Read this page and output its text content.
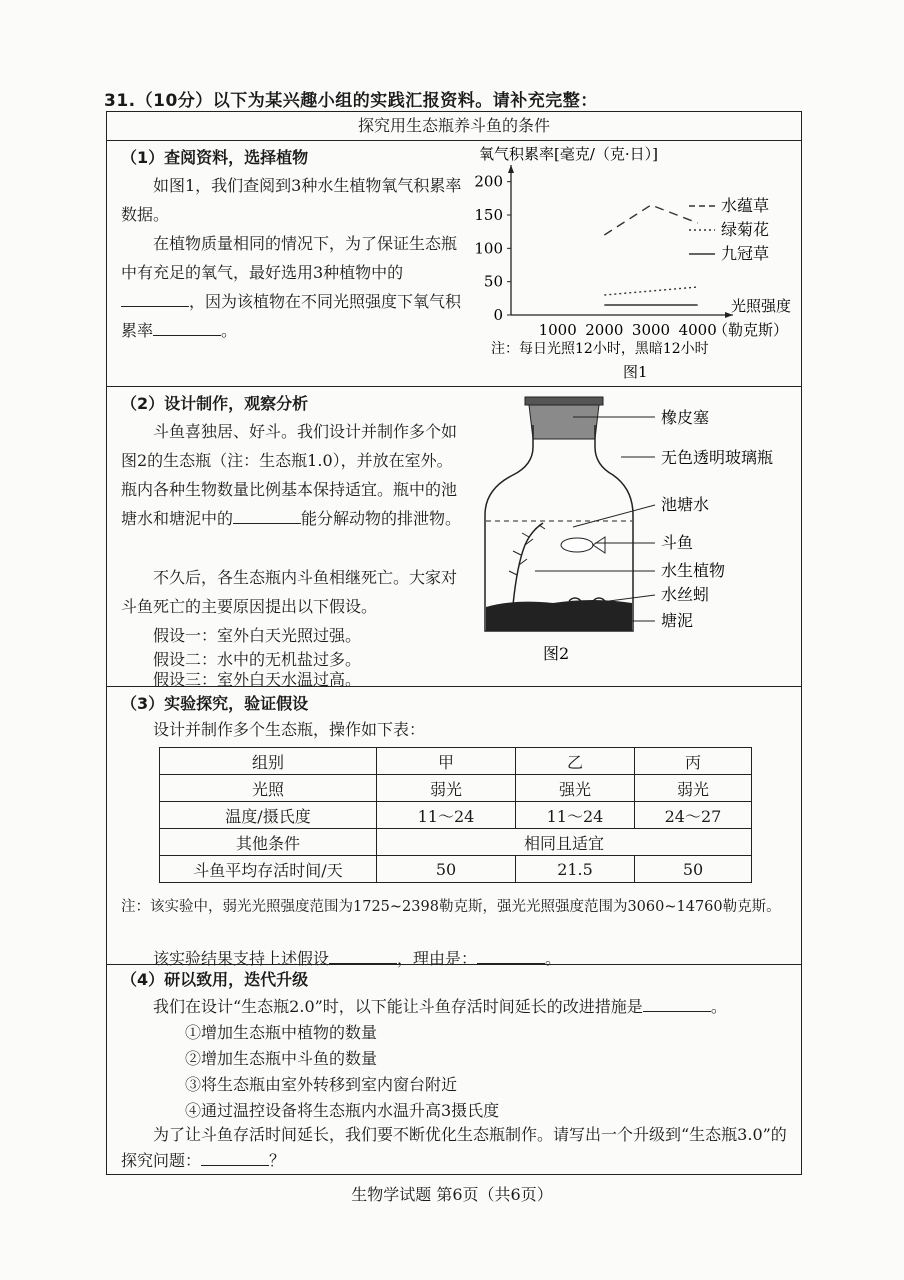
31.（10分）以下为某兴趣小组的实践汇报资料。请补充完整：
探究用生态瓶养斗鱼的条件
（1）查阅资料，选择植物
如图1，我们查阅到3种水生植物氧气积累率数据。
在植物质量相同的情况下，为了保证生态瓶中有充足的氧气，最好选用3种植物中的，因为该植物在不同光照强度下氧气积累率	。
氧气积累率[毫克/（克·日）]
0
50
100
150
200
1000 2000 3000 4000
水蕴草
绿菊花
九冠草
光照强度
（勒克斯）
注：每日光照12小时，黑暗12小时
图1
（2）设计制作，观察分析
斗鱼喜独居、好斗。我们设计并制作多个如图2的生态瓶（注：生态瓶1.0），并放在室外。瓶内各种生物数量比例基本保持适宜。瓶中的池塘水和塘泥中的	能分解动物的排泄物。
不久后，各生态瓶内斗鱼相继死亡。大家对斗鱼死亡的主要原因提出以下假设。
假设一：室外白天光照过强。
假设二：水中的无机盐过多。
假设三：室外白天水温过高。
橡皮塞
无色透明玻璃瓶
池塘水
斗鱼
水生植物
水丝蚓
塘泥
图2
（3）实验探究，验证假设
设计并制作多个生态瓶，操作如下表：
组别	甲	乙	丙
光照	弱光	强光	弱光
温度/摄氏度	11～24	11～24	24～27
其他条件	相同且适宜		
斗鱼平均存活时间/天	50	21.5	50
注：该实验中，弱光光照强度范围为1725~2398勒克斯，强光光照强度范围为3060~14760勒克斯。
该实验结果支持上述假设	，理由是：	。
（4）研以致用，迭代升级
我们在设计“生态瓶2.0”时，以下能让斗鱼存活时间延长的改进措施是	。
①增加生态瓶中植物的数量
②增加生态瓶中斗鱼的数量
③将生态瓶由室外转移到室内窗台附近
④通过温控设备将生态瓶内水温升高3摄氏度
为了让斗鱼存活时间延长，我们要不断优化生态瓶制作。请写出一个升级到“生态瓶3.0”的探究问题：	？
生物学试题 第6页（共6页）
